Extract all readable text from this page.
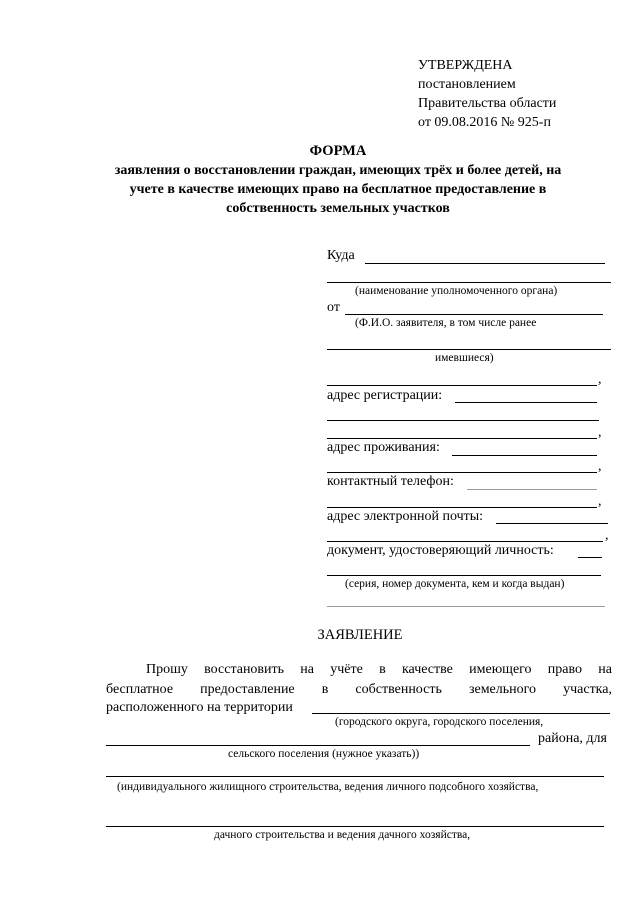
УТВЕРЖДЕНА
постановлением
Правительства области
от 09.08.2016 № 925-п
ФОРМА
заявления о восстановлении граждан, имеющих трёх и более детей, на
учете в качестве имеющих право на бесплатное предоставление в
собственность земельных участков
Куда
(наименование уполномоченного органа)
от
(Ф.И.О. заявителя, в том числе ранее
имевшиеся)
,
адрес регистрации:
,
адрес проживания:
,
контактный телефон:
,
адрес электронной почты:
,
документ, удостоверяющий личность:
(серия, номер документа, кем и когда выдан)
ЗАЯВЛЕНИЕ
Прошу восстановить на учёте в качестве имеющего право на
бесплатное предоставление в собственность земельного участка,
расположенного на территории
(городского округа, городского поселения,
района, для
сельского поселения (нужное указать))
(индивидуального жилищного строительства, ведения личного подсобного хозяйства,
дачного строительства и ведения дачного хозяйства,
